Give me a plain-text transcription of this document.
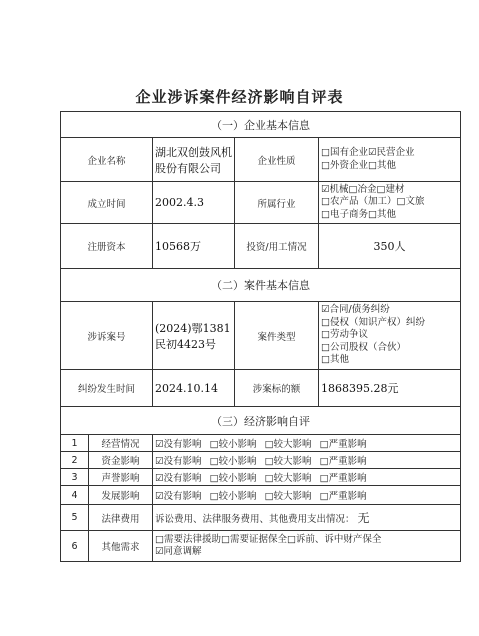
企业涉诉案件经济影响自评表
（一）企业基本信息				
企业名称		湖北双创鼓风机股份有限公司	企业性质	□国有企业☑民营企业
□外资企业□其他

成立时间		2002.4.3	所属行业	☑机械□冶金□建材
□农产品（加工）□文旅
□电子商务□其他

注册资本		10568万	投资/用工情况	350人
（二）案件基本信息				
涉诉案号		(2024)鄂1381民初4423号	案件类型	☑合同/债务纠纷
□侵权（知识产权）纠纷
□劳动争议
□公司股权（合伙）
□其他

纠纷发生时间		2024.10.14	涉案标的额	1868395.28元
（三）经济影响自评				
1	经营情况	☑没有影响 □较小影响 □较大影响 □严重影响		
2	资金影响	☑没有影响 □较小影响 □较大影响 □严重影响		
3	声誉影响	☑没有影响 □较小影响 □较大影响 □严重影响		
4	发展影响	☑没有影响 □较小影响 □较大影响 □严重影响		
5	法律费用	诉讼费用、法律服务费用、其他费用支出情况： 无		
6	其他需求	□需要法律援助□需要证据保全□诉前、诉中财产保全
☑同意调解		
